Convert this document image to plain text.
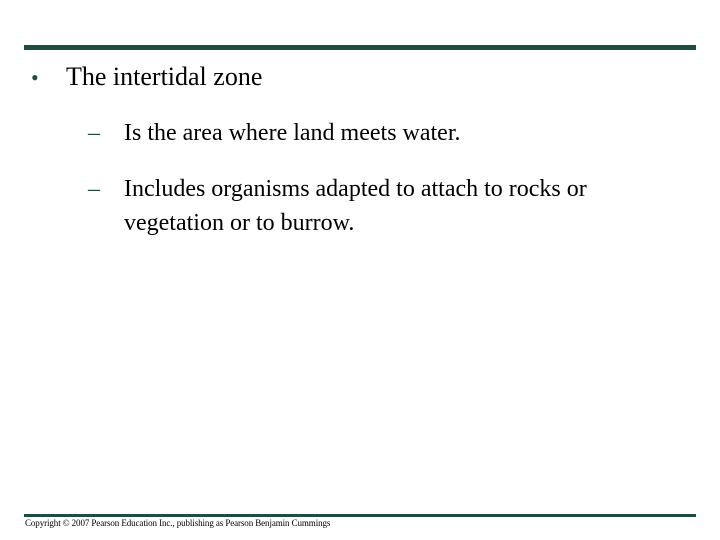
•	The intertidal zone
– Is the area where land meets water.
– Includes organisms adapted to attach to rocks or vegetation or to burrow.
Copyright © 2007 Pearson Education Inc., publishing as Pearson Benjamin Cummings
